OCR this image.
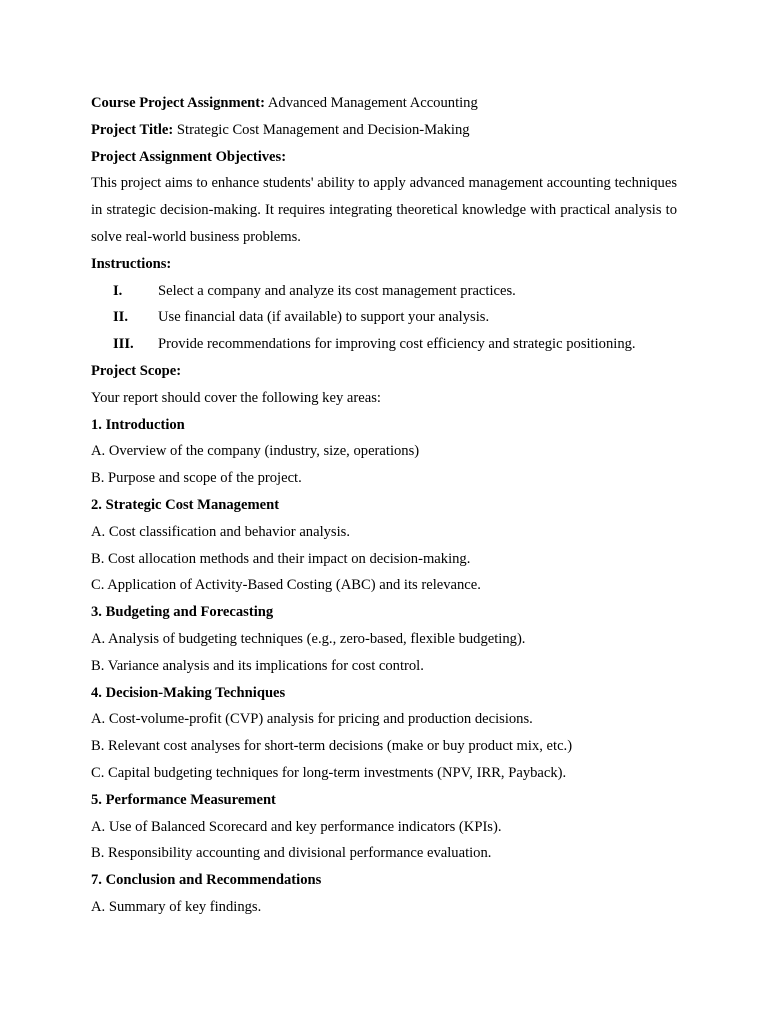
Course Project Assignment: Advanced Management Accounting
Project Title: Strategic Cost Management and Decision-Making
Project Assignment Objectives:
This project aims to enhance students' ability to apply advanced management accounting techniques in strategic decision-making. It requires integrating theoretical knowledge with practical analysis to solve real-world business problems.
Instructions:
I. Select a company and analyze its cost management practices.
II. Use financial data (if available) to support your analysis.
III. Provide recommendations for improving cost efficiency and strategic positioning.
Project Scope:
Your report should cover the following key areas:
1. Introduction
A. Overview of the company (industry, size, operations)
B. Purpose and scope of the project.
2. Strategic Cost Management
A. Cost classification and behavior analysis.
B. Cost allocation methods and their impact on decision-making.
C. Application of Activity-Based Costing (ABC) and its relevance.
3. Budgeting and Forecasting
A. Analysis of budgeting techniques (e.g., zero-based, flexible budgeting).
B. Variance analysis and its implications for cost control.
4. Decision-Making Techniques
A. Cost-volume-profit (CVP) analysis for pricing and production decisions.
B. Relevant cost analyses for short-term decisions (make or buy product mix, etc.)
C. Capital budgeting techniques for long-term investments (NPV, IRR, Payback).
5. Performance Measurement
A. Use of Balanced Scorecard and key performance indicators (KPIs).
B. Responsibility accounting and divisional performance evaluation.
7. Conclusion and Recommendations
A. Summary of key findings.
